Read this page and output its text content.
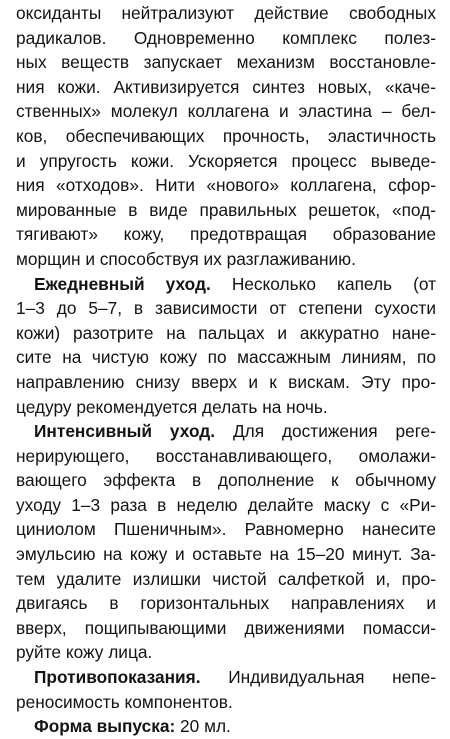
оксиданты нейтрализуют действие свободных
радикалов. Одновременно комплекс полез-
ных веществ запускает механизм восстановле-
ния кожи. Активизируется синтез новых, «каче-
ственных» молекул коллагена и эластина – бел-
ков, обеспечивающих прочность, эластичность
и упругость кожи. Ускоряется процесс выведе-
ния «отходов». Нити «нового» коллагена, сфор-
мированные в виде правильных решеток, «под-
тягивают» кожу, предотвращая образование
морщин и способствуя их разглаживанию.
Ежедневный уход. Несколько капель (от
1–3 до 5–7, в зависимости от степени сухости
кожи) разотрите на пальцах и аккуратно нане-
сите на чистую кожу по массажным линиям, по
направлению снизу вверх и к вискам. Эту про-
цедуру рекомендуется делать на ночь.
Интенсивный уход. Для достижения реге-
нерирующего, восстанавливающего, омолажи-
вающего эффекта в дополнение к обычному
уходу 1–3 раза в неделю делайте маску с «Ри-
циниолом Пшеничным». Равномерно нанесите
эмульсию на кожу и оставьте на 15–20 минут. За-
тем удалите излишки чистой салфеткой и, про-
двигаясь в горизонтальных направлениях и
вверх, пощипывающими движениями помасси-
руйте кожу лица.
Противопоказания. Индивидуальная непе-
реносимость компонентов.
Форма выпуска: 20 мл.
